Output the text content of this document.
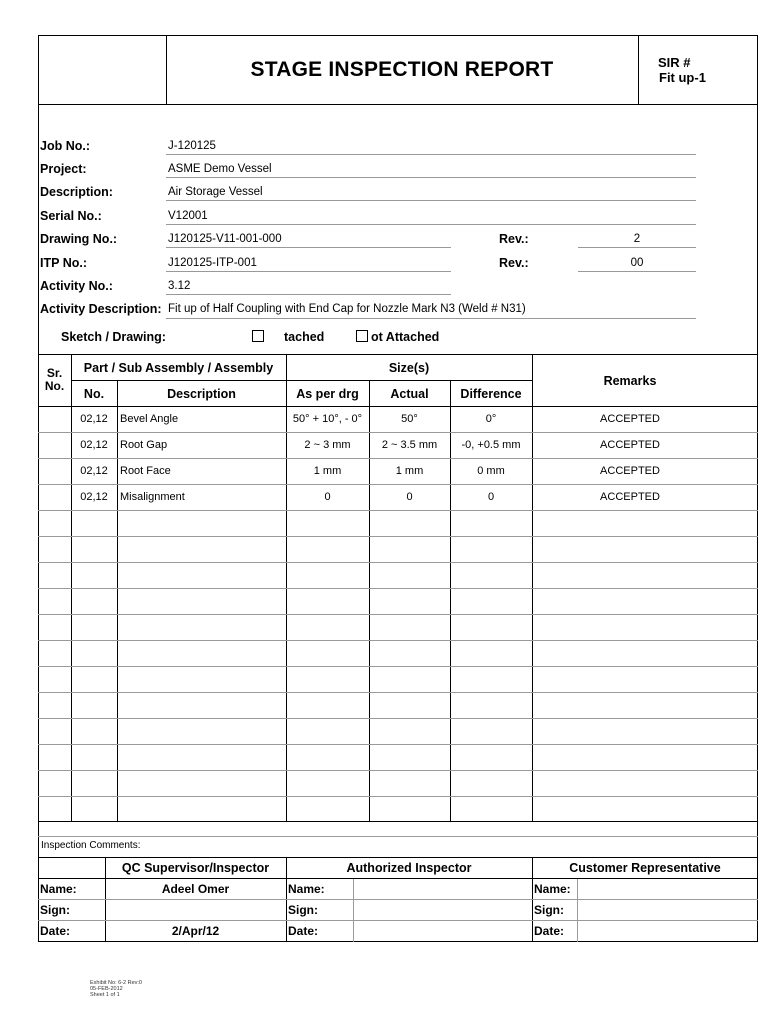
STAGE INSPECTION REPORT	SIR #
Fit up-1
Job No.:	J-120125
Project:	ASME Demo Vessel
Description:	Air Storage Vessel
Serial No.:	V12001
Drawing No.:	J120125-V11-001-000	Rev.:	2
ITP No.:	J120125-ITP-001	Rev.:	00
Activity No.:	3.12
Activity Description: Fit up of Half Coupling with End Cap for Nozzle Mark N3 (Weld # N31)
Sketch / Drawing:	tached	ot Attached
Sr.
No.
Part / Sub Assembly / Assembly	Size(s)
No.	Description	As per drg	Actual	Difference
Remarks
02,12	Bevel Angle	50° + 10°, - 0°	50°	0°	ACCEPTED
02,12	Root Gap	2 ~ 3 mm	2 ~ 3.5 mm	-0, +0.5 mm	ACCEPTED
02,12	Root Face	1 mm	1 mm	0 mm	ACCEPTED
02,12	Misalignment	0	0	0	ACCEPTED
Inspection Comments:
QC Supervisor/Inspector	Authorized Inspector	Customer Representative
Name:	Adeel Omer	Name:	Name:
Sign:	Sign:	Sign:
Date:	2/Apr/12	Date:	Date:
Exhibit No: 6-2 Rev:0
05-FEB-2012
Sheet 1 of 1
